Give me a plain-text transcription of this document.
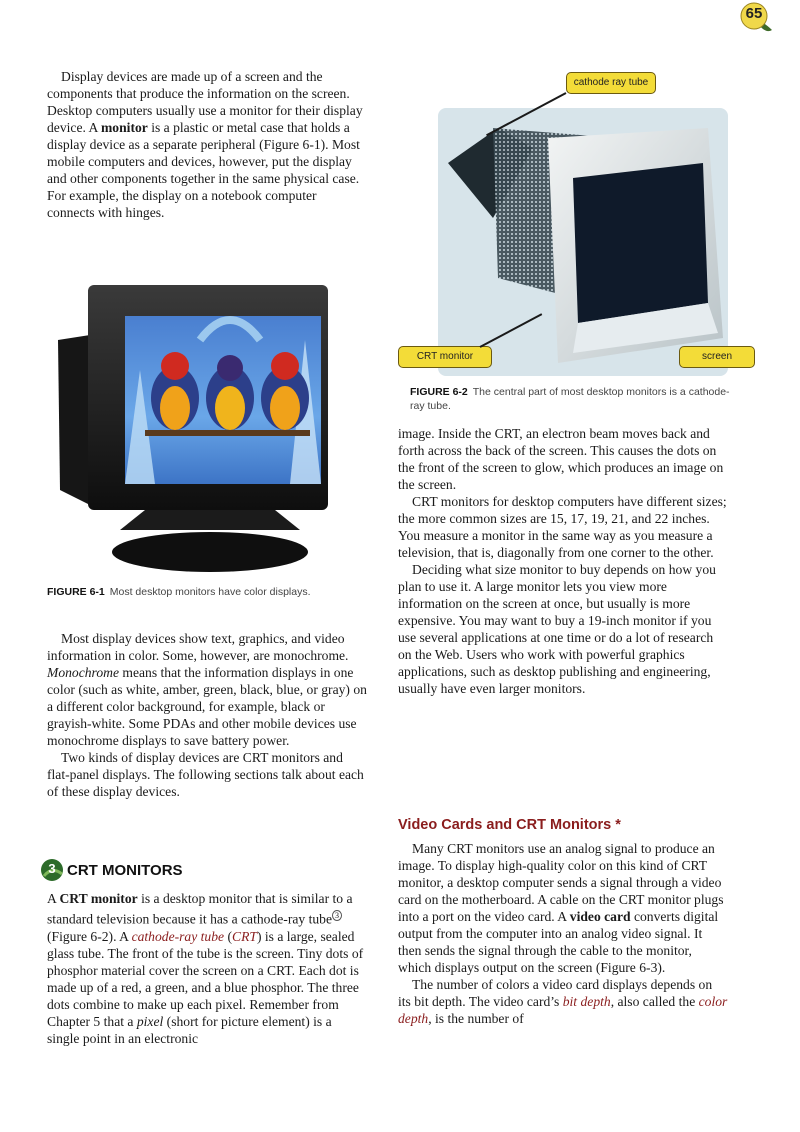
65

Display devices are made up of a screen and the components that produce the information on the screen. Desktop computers usually use a monitor for their display device. A monitor is a plastic or metal case that holds a display device as a separate peripheral (Figure 6-1). Most mobile computers and devices, however, put the display and other components together in the same physical case. For example, the display on a notebook computer connects with hinges.

FIGURE 6-1 Most desktop monitors have color displays.

Most display devices show text, graphics, and video information in color. Some, however, are monochrome. Monochrome means that the information displays in one color (such as white, amber, green, black, blue, or gray) on a different color background, for example, black or grayish-white. Some PDAs and other mobile devices use monochrome displays to save battery power.

Two kinds of display devices are CRT monitors and flat-panel displays. The following sections talk about each of these display devices.

3 CRT MONITORS

A CRT monitor is a desktop monitor that is similar to a standard television because it has a cathode-ray tube $^3$ (Figure 6-2). A cathode-ray tube (CRT) is a large, sealed glass tube. The front of the tube is the screen. Tiny dots of phosphor material cover the screen on a CRT. Each dot is made up of a red, a green, and a blue phosphor. The three dots combine to make up each pixel. Remember from Chapter 5 that a pixel (short for picture element) is a single point in an electronic

cathode ray tube
CRT monitor	screen
FIGURE 6-2 The central part of most desktop monitors is a cathode-ray tube.

image. Inside the CRT, an electron beam moves back and forth across the back of the screen. This causes the dots on the front of the screen to glow, which produces an image on the screen.

CRT monitors for desktop computers have different sizes; the more common sizes are 15, 17, 19, 21, and 22 inches. You measure a monitor in the same way as you measure a television, that is, diagonally from one corner to the other.

Deciding what size monitor to buy depends on how you plan to use it. A large monitor lets you view more information on the screen at once, but usually is more expensive. You may want to buy a 19-inch monitor if you use several applications at one time or do a lot of research on the Web. Users who work with powerful graphics applications, such as desktop publishing and engineering, usually have even larger monitors.

Video Cards and CRT Monitors *

Many CRT monitors use an analog signal to produce an image. To display high-quality color on this kind of CRT monitor, a desktop computer sends a signal through a video card on the motherboard. A cable on the CRT monitor plugs into a port on the video card. A video card converts digital output from the computer into an analog video signal. It then sends the signal through the cable to the monitor, which displays output on the screen (Figure 6-3).

The number of colors a video card displays depends on its bit depth. The video card’s bit depth, also called the color depth, is the number of
